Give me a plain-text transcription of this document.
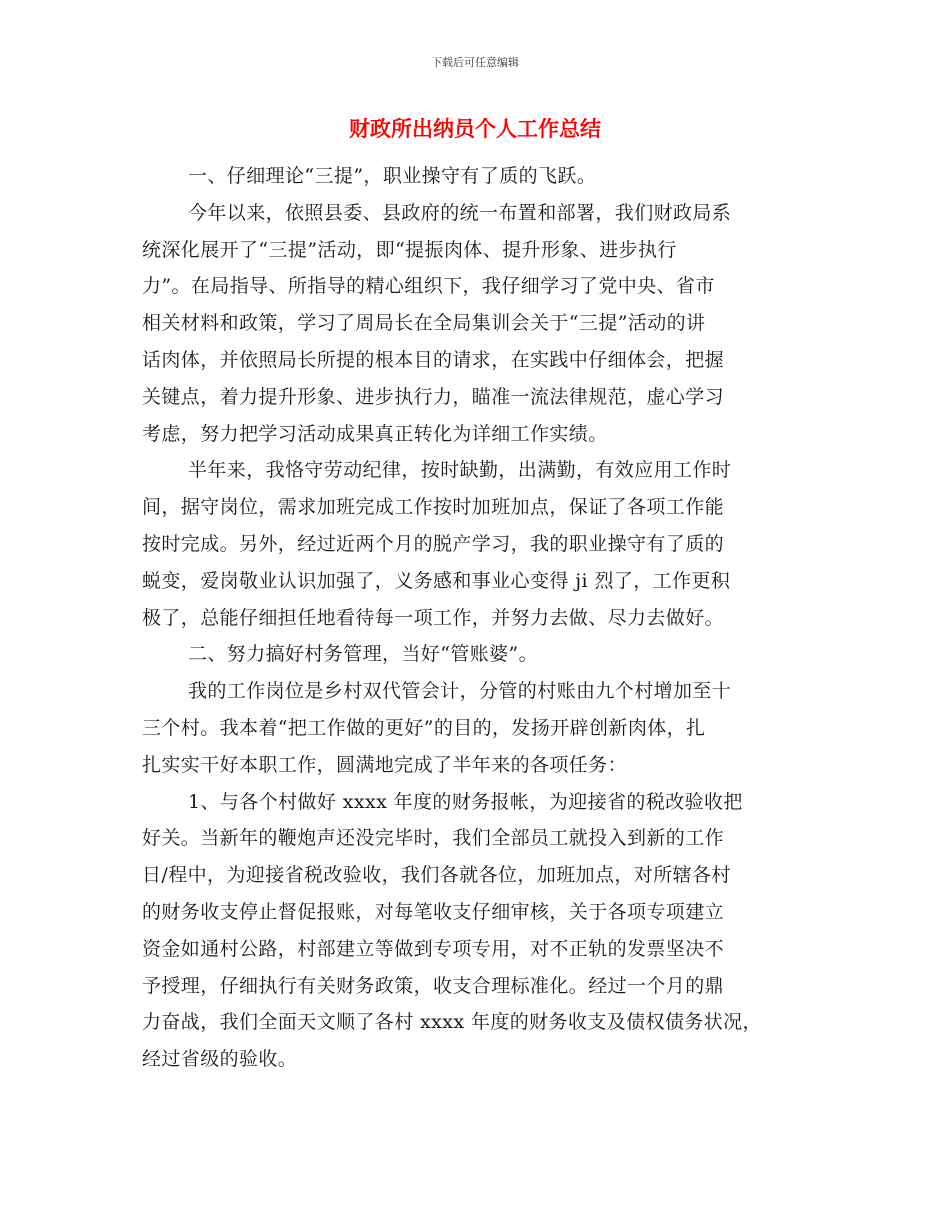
下载后可任意编辑
财政所出纳员个人工作总结
一、仔细理论“三提”，职业操守有了质的飞跃。
今年以来，依照县委、县政府的统一布置和部署，我们财政局系
统深化展开了“三提”活动，即“提振肉体、提升形象、进步执行
力”。在局指导、所指导的精心组织下，我仔细学习了党中央、省市
相关材料和政策，学习了周局长在全局集训会关于“三提”活动的讲
话肉体，并依照局长所提的根本目的请求，在实践中仔细体会，把握
关键点，着力提升形象、进步执行力，瞄准一流法律规范，虚心学习
考虑，努力把学习活动成果真正转化为详细工作实绩。
半年来，我恪守劳动纪律，按时缺勤，出满勤，有效应用工作时
间，据守岗位，需求加班完成工作按时加班加点，保证了各项工作能
按时完成。另外，经过近两个月的脱产学习，我的职业操守有了质的
蜕变，爱岗敬业认识加强了，义务感和事业心变得 ji 烈了，工作更积
极了，总能仔细担任地看待每一项工作，并努力去做、尽力去做好。
二、努力搞好村务管理，当好“管账婆”。
我的工作岗位是乡村双代管会计，分管的村账由九个村增加至十
三个村。我本着“把工作做的更好”的目的，发扬开辟创新肉体，扎
扎实实干好本职工作，圆满地完成了半年来的各项任务：
1、与各个村做好 xxxx 年度的财务报帐，为迎接省的税改验收把
好关。当新年的鞭炮声还没完毕时，我们全部员工就投入到新的工作
日/程中，为迎接省税改验收，我们各就各位，加班加点，对所辖各村
的财务收支停止督促报账，对每笔收支仔细审核，关于各项专项建立
资金如通村公路，村部建立等做到专项专用，对不正轨的发票坚决不
予授理，仔细执行有关财务政策，收支合理标准化。经过一个月的鼎
力奋战，我们全面天文顺了各村 xxxx 年度的财务收支及债权债务状况，
经过省级的验收。
